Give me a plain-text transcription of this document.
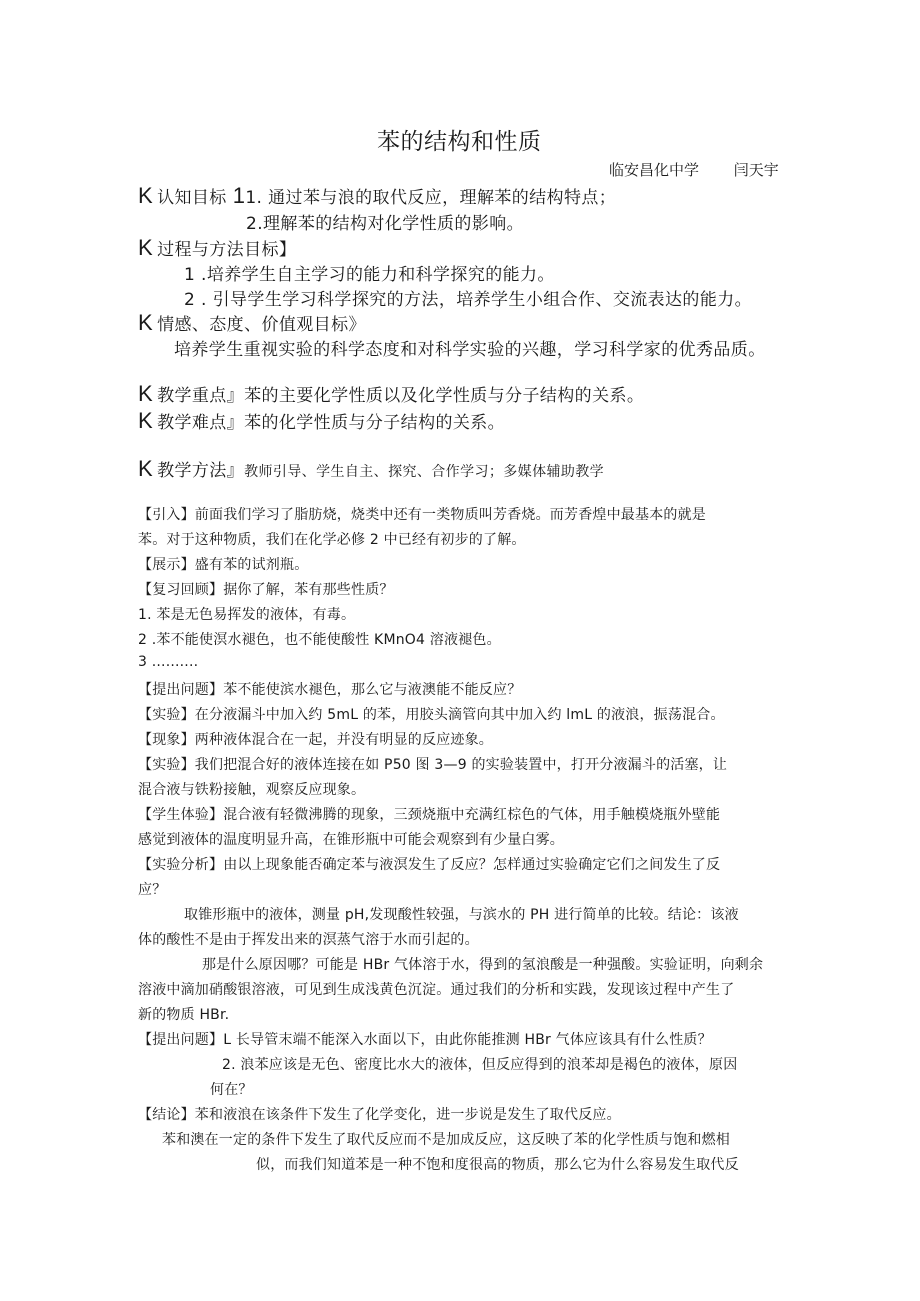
苯的结构和性质
临安昌化中学 闫天宇
K 认知目标 11. 通过苯与浪的取代反应，理解苯的结构特点；
2.理解苯的结构对化学性质的影响。
K 过程与方法目标】
1 .培养学生自主学习的能力和科学探究的能力。
2 . 引导学生学习科学探究的方法，培养学生小组合作、交流表达的能力。
K 情感、态度、价值观目标》
培养学生重视实验的科学态度和对科学实验的兴趣，学习科学家的优秀品质。
K 教学重点』苯的主要化学性质以及化学性质与分子结构的关系。
K 教学难点』苯的化学性质与分子结构的关系。
K 教学方法』教师引导、学生自主、探究、合作学习；多媒体辅助教学
【引入】前面我们学习了脂肪烧，烧类中还有一类物质叫芳香烧。而芳香煌中最基本的就是
苯。对于这种物质，我们在化学必修 2 中已经有初步的了解。
【展示】盛有苯的试剂瓶。
【复习回顾】据你了解，苯有那些性质？
1. 苯是无色易挥发的液体，有毒。
2 .苯不能使溟水褪色，也不能使酸性 KMnO4 溶液褪色。
3 ..........
【提出问题】苯不能使滨水褪色，那么它与液澳能不能反应？
【实验】在分液漏斗中加入约 5mL 的苯，用胶头滴管向其中加入约 lmL 的液浪，振荡混合。
【现象】两种液体混合在一起，并没有明显的反应迹象。
【实验】我们把混合好的液体连接在如 P50 图 3—9 的实验装置中，打开分液漏斗的活塞，让
混合液与铁粉接触，观察反应现象。
【学生体验】混合液有轻微沸腾的现象，三颈烧瓶中充满红棕色的气体，用手触模烧瓶外壁能
感觉到液体的温度明显升高，在锥形瓶中可能会观察到有少量白雾。
【实验分析】由以上现象能否确定苯与液溟发生了反应？怎样通过实验确定它们之间发生了反
应？
取锥形瓶中的液体，测量 pH,发现酸性较强，与滨水的 PH 进行简单的比较。结论：该液
体的酸性不是由于挥发出来的溟蒸气溶于水而引起的。
那是什么原因哪？可能是 HBr 气体溶于水，得到的氢浪酸是一种强酸。实验证明，向剩余
溶液中滴加硝酸银溶液，可见到生成浅黄色沉淀。通过我们的分析和实践，发现该过程中产生了
新的物质 HBr.
【提出问题】L 长导管末端不能深入水面以下，由此你能推测 HBr 气体应该具有什么性质？
2. 浪苯应该是无色、密度比水大的液体，但反应得到的浪苯却是褐色的液体，原因
何在？
【结论】苯和液浪在该条件下发生了化学变化，进一步说是发生了取代反应。
苯和澳在一定的条件下发生了取代反应而不是加成反应，这反映了苯的化学性质与饱和燃相
似，而我们知道苯是一种不饱和度很高的物质，那么它为什么容易发生取代反
